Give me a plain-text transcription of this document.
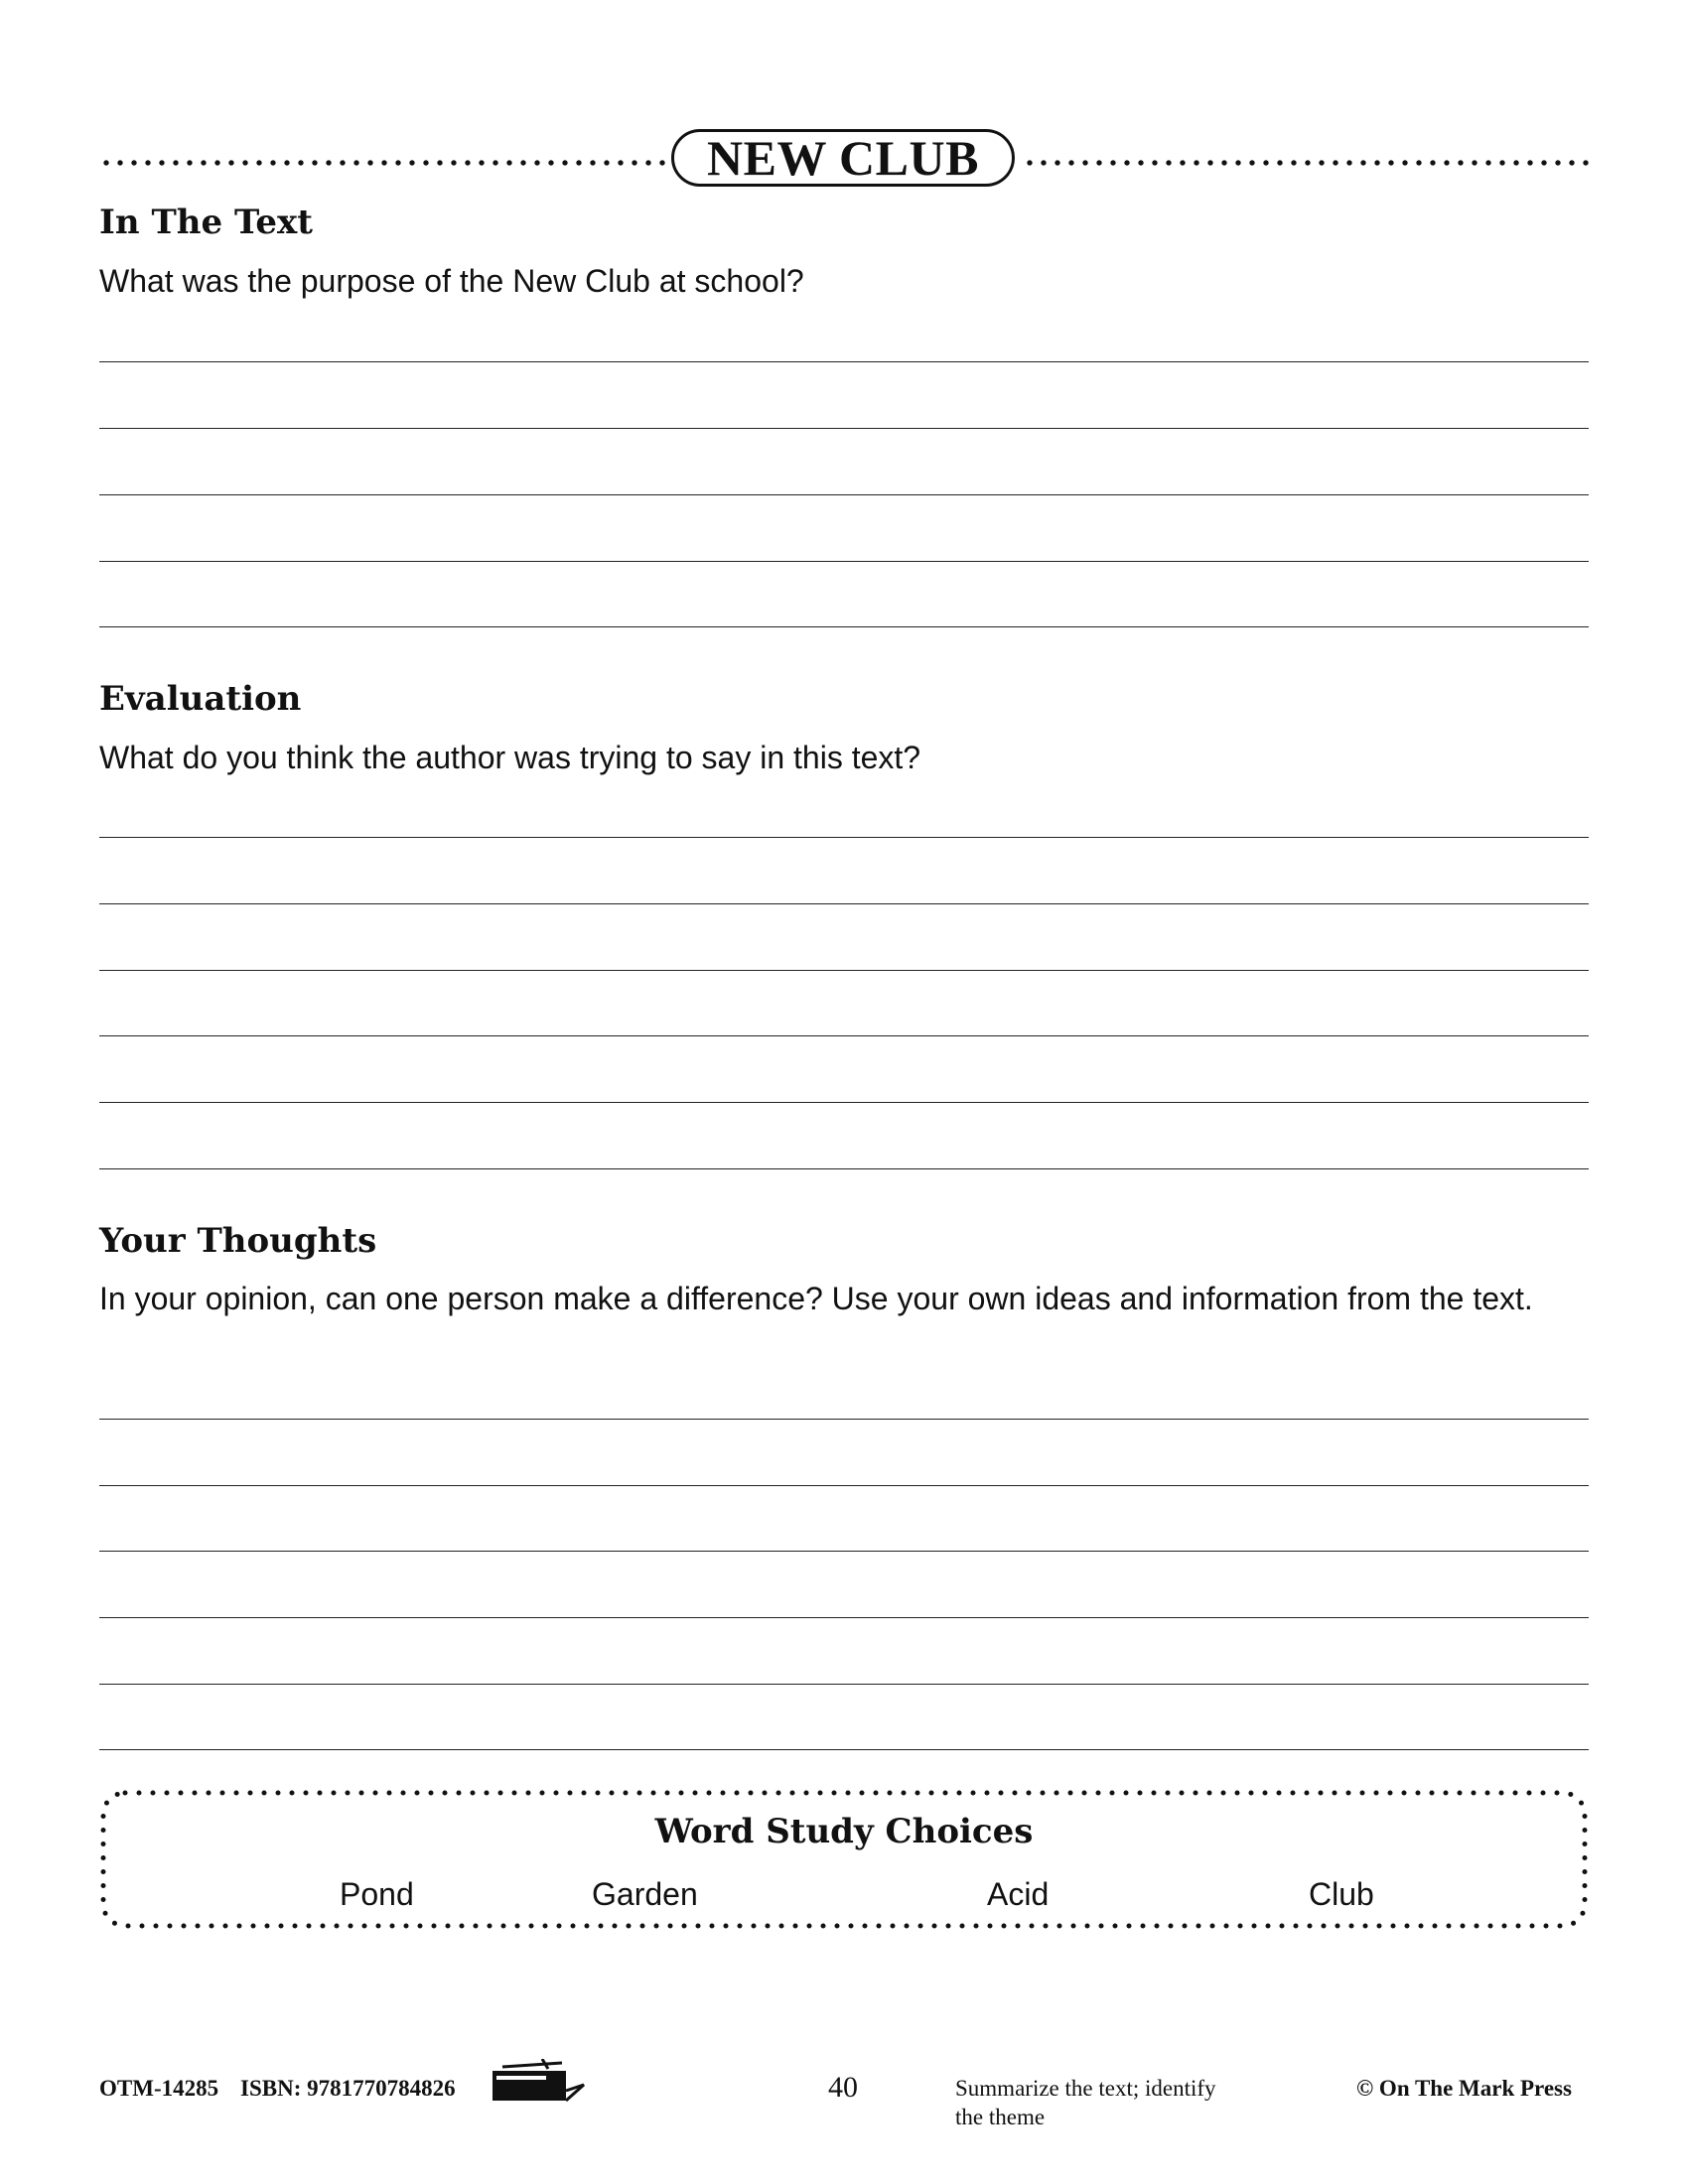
NEW CLUB
In The Text
What was the purpose of the New Club at school?
Evaluation
What do you think the author was trying to say in this text?
Your Thoughts
In your opinion, can one person make a difference? Use your own ideas and information from the text.
Word Study Choices
Pond	Garden	Acid	Club
OTM-14285 ISBN: 9781770784826	40	Summarize the text; identify
the theme
© On The Mark Press
